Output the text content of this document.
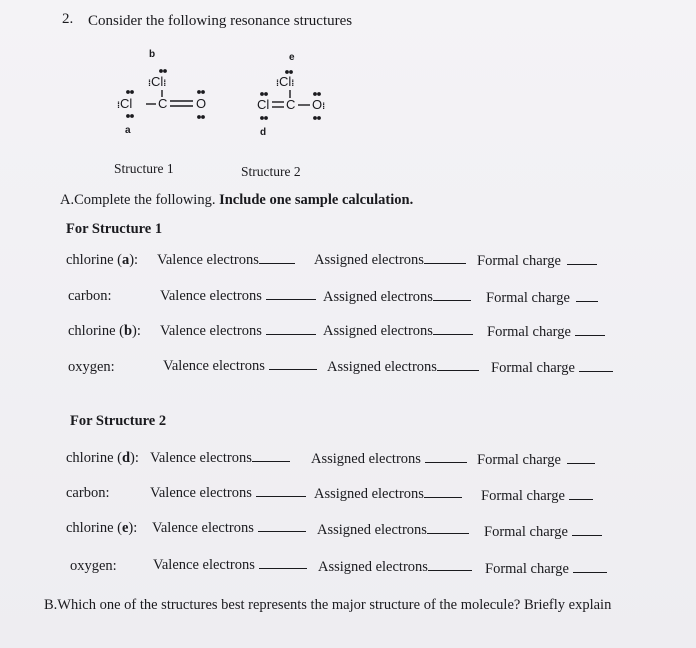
2. Consider the following resonance structures
b
⁞Cl⁞
⁞Cl C O
a
e
⁞Cl⁞
Cl C O⁞
d
Structure 1	Structure 2
A.Complete the following. Include one sample calculation.
For Structure 1
chlorine (a): Valence electrons	Assigned electrons	Formal charge
carbon:	Valence electrons	Assigned electrons	Formal charge
chlorine (b): Valence electrons	Assigned electrons	Formal charge
oxygen:	Valence electrons	Assigned electrons	Formal charge
For Structure 2
chlorine (d): Valence electrons	Assigned electrons	Formal charge
carbon:	Valence electrons	Assigned electrons	Formal charge
chlorine (e): Valence electrons	Assigned electrons	Formal charge
oxygen:	Valence electrons	Assigned electrons	Formal charge
B.Which one of the structures best represents the major structure of the molecule? Briefly explain
